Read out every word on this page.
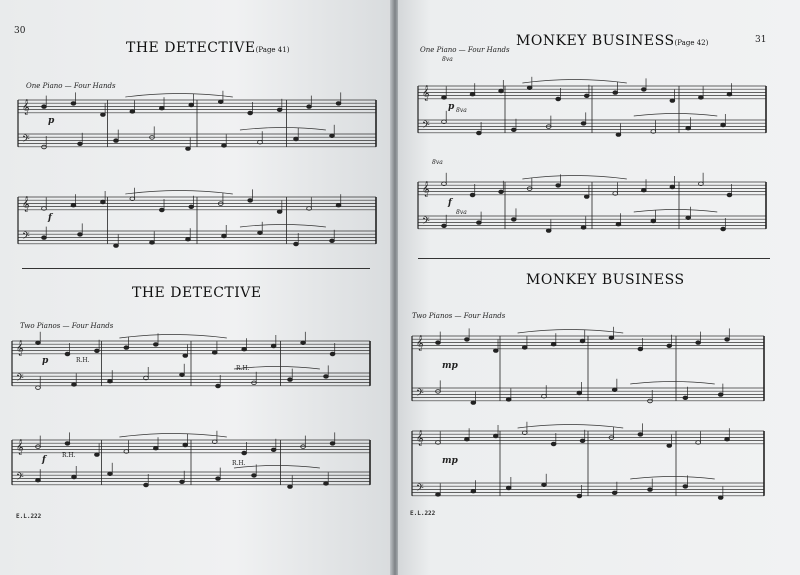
30
THE DETECTIVE(Page 41)
One Piano — Four Hands
𝄞
𝄢
p
𝄞
𝄢
f
THE DETECTIVE
Two Pianos — Four Hands
𝄞
𝄢
p
𝄞
𝄢
f
E.L.222
R.H.
R.H.
R.H.
R.H.
MONKEY BUSINESS(Page 42)	31
One Piano — Four Hands
8va
8va
8va
8va
𝄞
𝄢
p
𝄞
𝄢
f
MONKEY BUSINESS
Two Pianos — Four Hands
𝄞
𝄢
mp
𝄞
𝄢
mp
E.L.222
